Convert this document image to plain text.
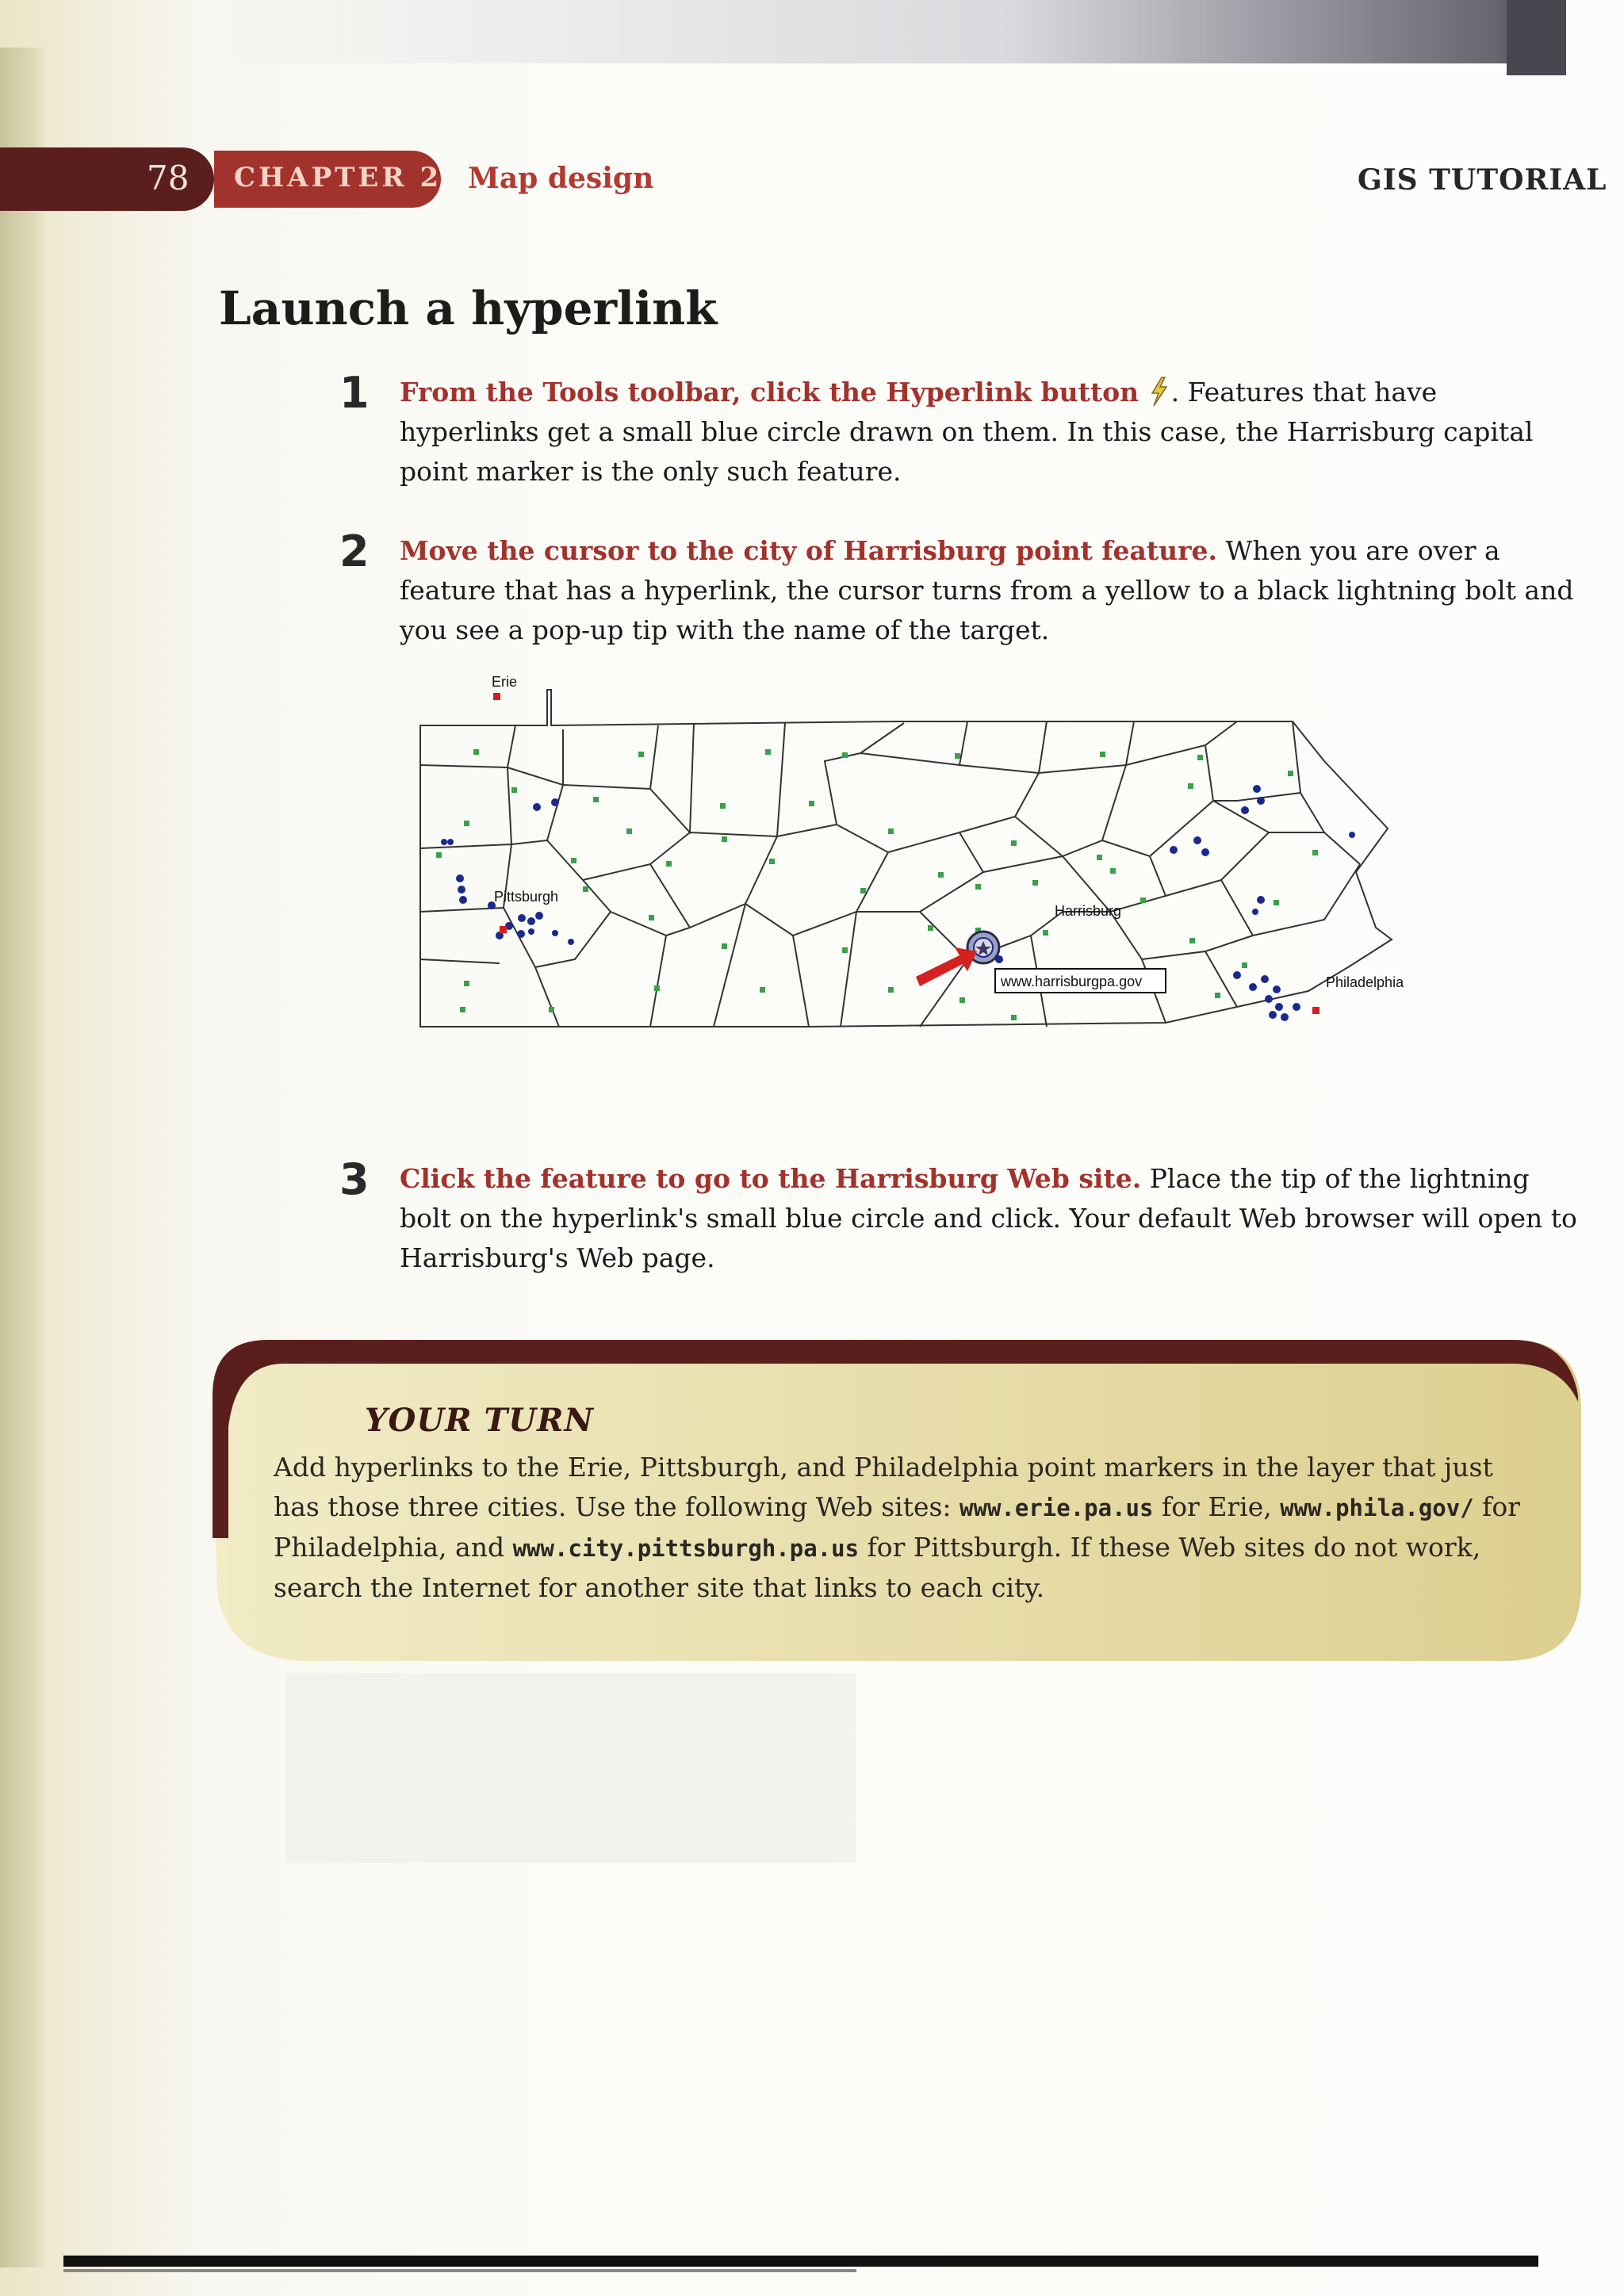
78 CHAPTER 2 Map design	GIS TUTORIAL
Launch a hyperlink
1 From the Tools toolbar, click the Hyperlink button . Features that have hyperlinks get a small blue circle drawn on them. In this case, the Harrisburg capital point marker is the only such feature.
2 Move the cursor to the city of Harrisburg point feature. When you are over a feature that has a hyperlink, the cursor turns from a yellow to a black lightning bolt and you see a pop-up tip with the name of the target.
www.harrisburgpa.gov
Erie
Pittsburgh
Harrisburg
Philadelphia
3 Click the feature to go to the Harrisburg Web site. Place the tip of the lightning bolt on the hyperlink's small blue circle and click. Your default Web browser will open to Harrisburg's Web page.
YOUR TURN
Add hyperlinks to the Erie, Pittsburgh, and Philadelphia point markers in the layer that just has those three cities. Use the following Web sites: www.erie.pa.us for Erie, www.phila.gov/ for Philadelphia, and www.city.pittsburgh.pa.us for Pittsburgh. If these Web sites do not work, search the Internet for another site that links to each city.
